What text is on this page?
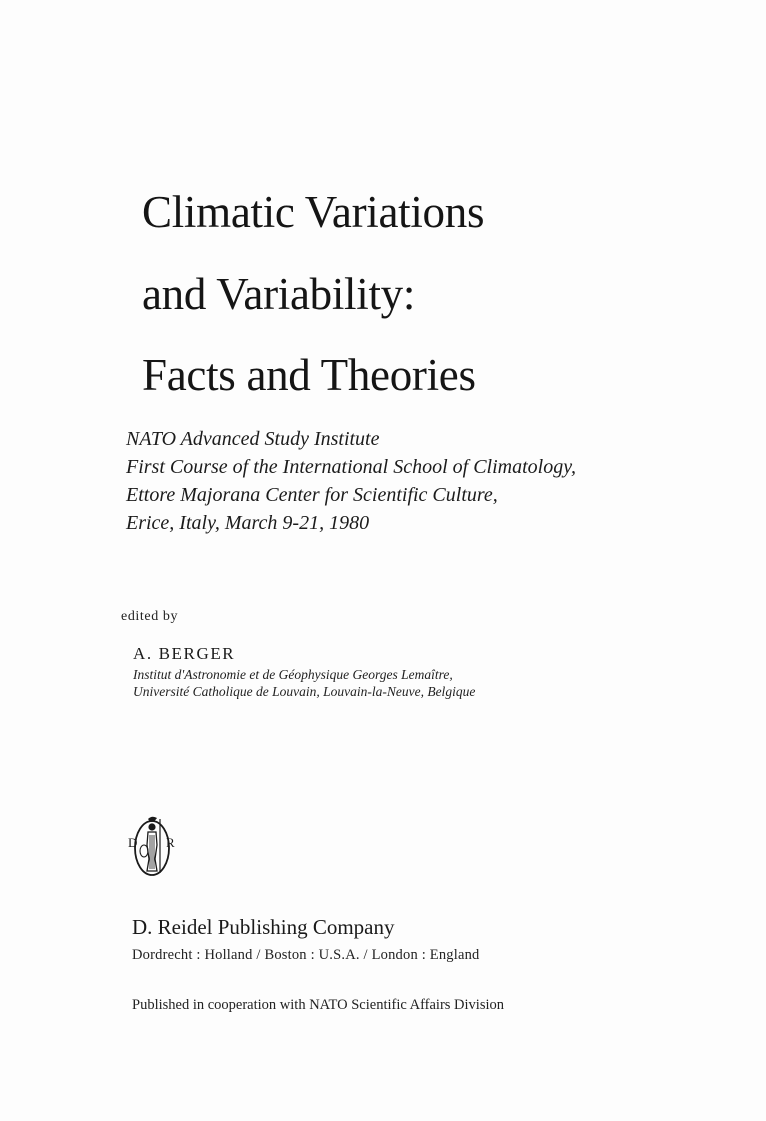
Climatic Variations
and Variability:
Facts and Theories
NATO Advanced Study Institute
First Course of the International School of Climatology,
Ettore Majorana Center for Scientific Culture,
Erice, Italy, March 9-21, 1980
edited by
A. BERGER
Institut d'Astronomie et de Géophysique Georges Lemaître,
Université Catholique de Louvain, Louvain-la-Neuve, Belgique
D R
D. Reidel Publishing Company
Dordrecht : Holland / Boston : U.S.A. / London : England
Published in cooperation with NATO Scientific Affairs Division
